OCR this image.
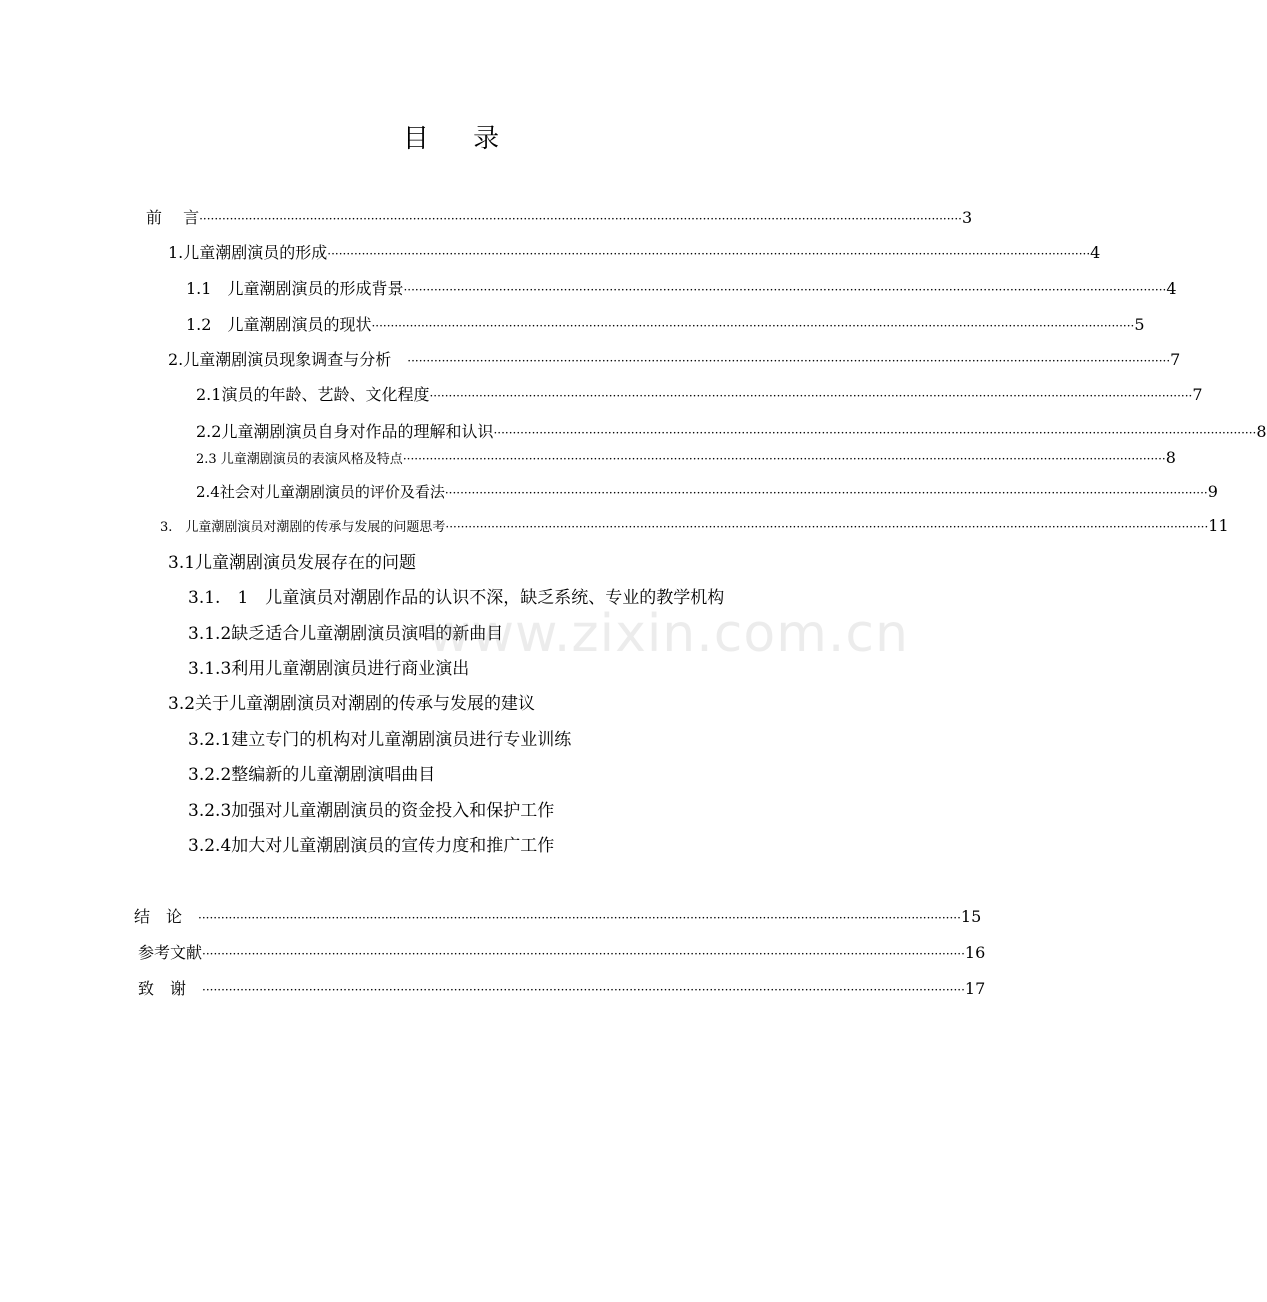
目 录
前　 言 ········································································································································································································ 3
1.儿童潮剧演员的形成 ········································································································································································································ 4
1.1　儿童潮剧演员的形成背景 ········································································································································································································ 4
1.2　儿童潮剧演员的现状 ········································································································································································································ 5
2.儿童潮剧演员现象调查与分析　 ········································································································································································································ 7
2.1演员的年龄、艺龄、文化程度 ········································································································································································································ 7
2.2儿童潮剧演员自身对作品的理解和认识 ········································································································································································································ 8
2.3 儿童潮剧演员的表演风格及特点 ········································································································································································································ 8
2.4社会对儿童潮剧演员的评价及看法 ········································································································································································································ 9
3.　儿童潮剧演员对潮剧的传承与发展的问题思考 ········································································································································································································ 11
3.1儿童潮剧演员发展存在的问题
3.1.　1　儿童演员对潮剧作品的认识不深，缺乏系统、专业的教学机构
3.1.2缺乏适合儿童潮剧演员演唱的新曲目
3.1.3利用儿童潮剧演员进行商业演出
3.2关于儿童潮剧演员对潮剧的传承与发展的建议
3.2.1建立专门的机构对儿童潮剧演员进行专业训练
3.2.2整编新的儿童潮剧演唱曲目
3.2.3加强对儿童潮剧演员的资金投入和保护工作
3.2.4加大对儿童潮剧演员的宣传力度和推广工作
结　论　 ········································································································································································································ 15
参考文献 ········································································································································································································ 16
致　谢　 ········································································································································································································ 17
www.zixin.com.cn
